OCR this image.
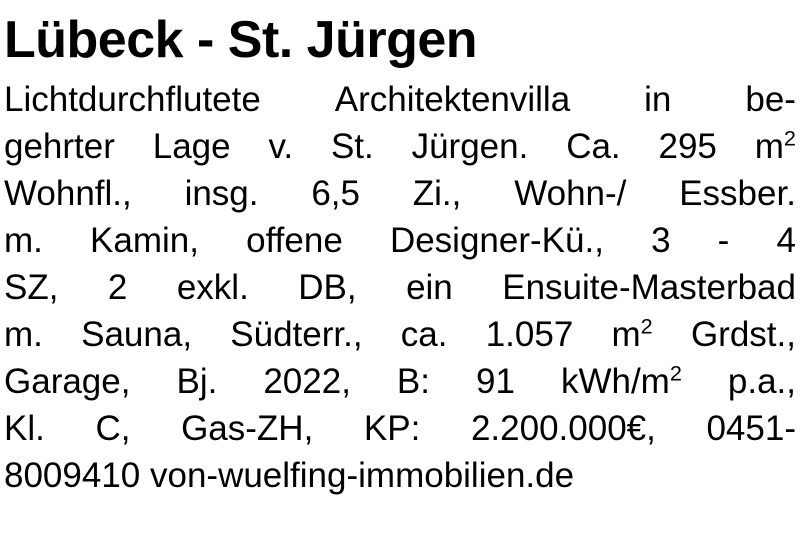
Lübeck - St. Jürgen
Lichtdurchflutete Architektenvilla in be-
gehrter Lage v. St. Jürgen. Ca. 295 $m^2$
Wohnfl., insg. 6,5 Zi., Wohn-/ Essber.
m. Kamin, offene Designer-Kü., 3 - 4
SZ, 2 exkl. DB, ein Ensuite-Masterbad
m. Sauna, Südterr., ca. 1.057 $m^2$ Grdst.,
Garage, Bj. 2022, B: 91 kWh/$m^2$ p.a.,
Kl. C, Gas-ZH, KP: 2.200.000€, 0451-
8009410 von-wuelfing-immobilien.de
